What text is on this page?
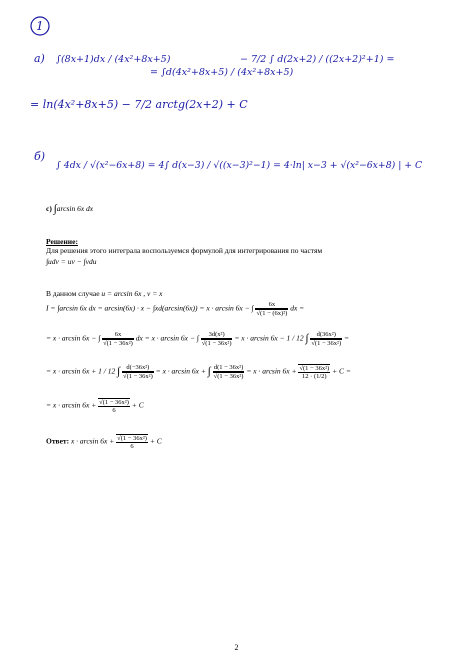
1
а) ∫(8x+1)dx / (4x²+8x+5)
= ∫d(4x²+8x+5) / (4x²+8x+5)
− 7/2 ∫ d(2x+2) / ((2x+2)²+1) =
= ln(4x²+8x+5) − 7/2 arctg(2x+2) + C
б)
∫ 4dx / √(x²−6x+8) = 4∫ d(x−3) / √((x−3)²−1) = 4·ln| x−3 + √(x²−6x+8) | + C
с) ∫arcsin 6x dx
Решение:
Для решения этого интеграла воспользуемся формулой для интегрирования по частям
∫udv = uv − ∫vdu
В данном случае u = arcsin 6x , v = x
I = ∫arcsin 6x dx = arcsin(6x) · x − ∫xd(arcsin(6x)) = x · arcsin 6x − ∫ $\frac{6x}{\text{√(1 − (6x)²)}}$ dx =
= x · arcsin 6x − ∫ $\frac{6x}{\text{√(1 − 36x²)}}$ dx = x · arcsin 6x − ∫ $\frac{\text{3d(x²)}}{\text{√(1 − 36x²)}} = x \cdot \arcsin 6x - 1 / 12$ ∫ $\frac{\text{d(36x²)}}{\text{√(1 − 36x²)}}$ =
= x · arcsin 6x + 1 / 12 ∫ $\frac{\text{d(−36x²)}}{\text{√(1 − 36x²)}} = x \cdot \arcsin 6x$ + ∫ $\frac{\text{d(1 − 36x²)}}{\text{√(1 − 36x²)}} = x \cdot \arcsin 6x + \frac{\text{√(1 − 36x²)}}{12 \cdot (1/2)} + C$ =
= $x \cdot \arcsin 6x + \frac{\text{√(1 − 36x²)}}{6} + C$
Ответ: $x \cdot \arcsin 6x + \frac{\text{√(1 − 36x²)}}{6} + C$
2
